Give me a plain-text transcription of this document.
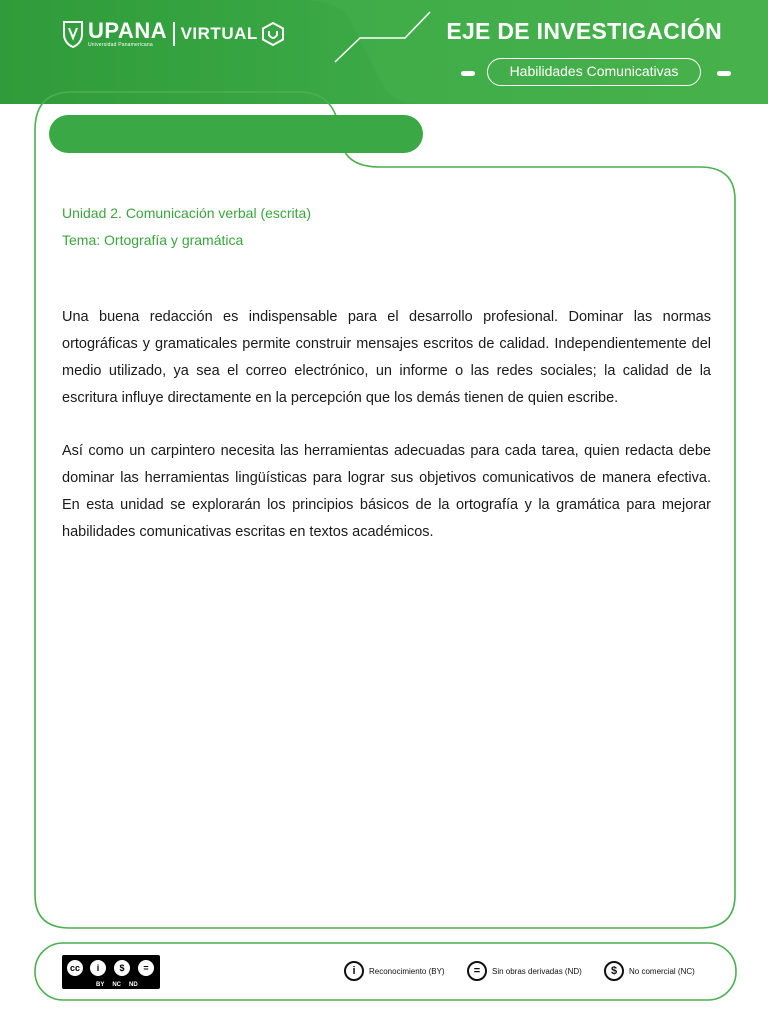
UPANA
Universidad Panamericana
VIRTUAL	EJE DE INVESTIGACIÓN
Habilidades Comunicativas

Unidad 2. Comunicación verbal (escrita)

Tema: Ortografía y gramática

Una buena redacción es indispensable para el desarrollo profesional. Dominar las normas ortográficas y gramaticales permite construir mensajes escritos de calidad. Independientemente del medio utilizado, ya sea el correo electrónico, un informe o las redes sociales; la calidad de la escritura influye directamente en la percepción que los demás tienen de quien escribe.

Así como un carpintero necesita las herramientas adecuadas para cada tarea, quien redacta debe dominar las herramientas lingüísticas para lograr sus objetivos comunicativos de manera efectiva. En esta unidad se explorarán los principios básicos de la ortografía y la gramática para mejorar habilidades comunicativas escritas en textos académicos.

cc	i	$	=
BY NC ND
i	Reconocimiento (BY)	=	Sin obras derivadas (ND)	$	No comercial (NC)
